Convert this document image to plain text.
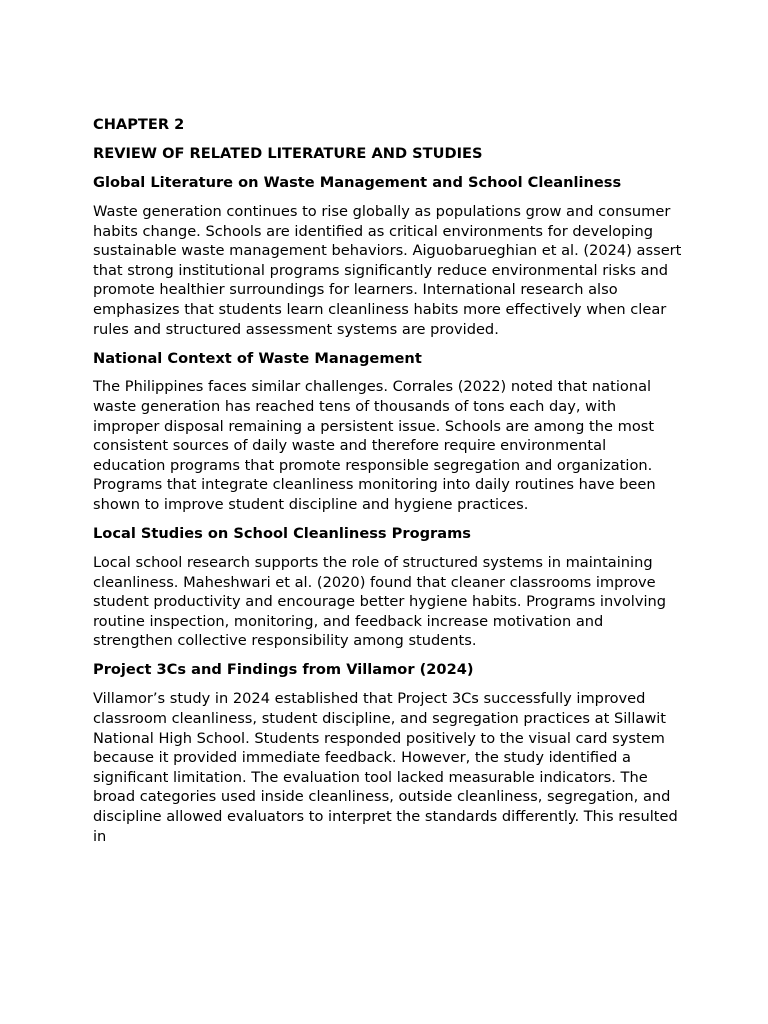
CHAPTER 2
REVIEW OF RELATED LITERATURE AND STUDIES
Global Literature on Waste Management and School Cleanliness
Waste generation continues to rise globally as populations grow and consumer habits change. Schools are identified as critical environments for developing sustainable waste management behaviors. Aiguobarueghian et al. (2024) assert that strong institutional programs significantly reduce environmental risks and promote healthier surroundings for learners. International research also emphasizes that students learn cleanliness habits more effectively when clear rules and structured assessment systems are provided.
National Context of Waste Management
The Philippines faces similar challenges. Corrales (2022) noted that national waste generation has reached tens of thousands of tons each day, with improper disposal remaining a persistent issue. Schools are among the most consistent sources of daily waste and therefore require environmental education programs that promote responsible segregation and organization. Programs that integrate cleanliness monitoring into daily routines have been shown to improve student discipline and hygiene practices.
Local Studies on School Cleanliness Programs
Local school research supports the role of structured systems in maintaining cleanliness. Maheshwari et al. (2020) found that cleaner classrooms improve student productivity and encourage better hygiene habits. Programs involving routine inspection, monitoring, and feedback increase motivation and strengthen collective responsibility among students.
Project 3Cs and Findings from Villamor (2024)
Villamor’s study in 2024 established that Project 3Cs successfully improved classroom cleanliness, student discipline, and segregation practices at Sillawit National High School. Students responded positively to the visual card system because it provided immediate feedback. However, the study identified a significant limitation. The evaluation tool lacked measurable indicators. The broad categories used inside cleanliness, outside cleanliness, segregation, and discipline allowed evaluators to interpret the standards differently. This resulted in
